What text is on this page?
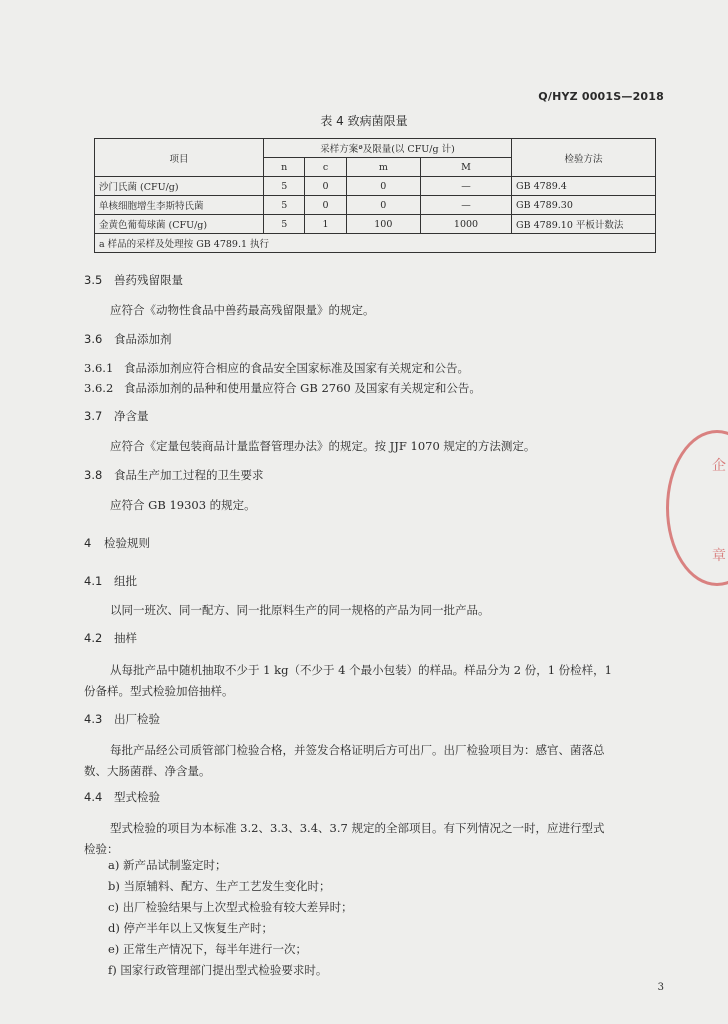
Q/HYZ 0001S—2018
表 4 致病菌限量
项目	采样方案ª及限量(以 CFU/g 计)				检验方法
	n	c	m	M	
沙门氏菌 (CFU/g)	5	0	0	—	GB 4789.4
单核细胞增生李斯特氏菌	5	0	0	—	GB 4789.30
金黄色葡萄球菌 (CFU/g)	5	1	100	1000	GB 4789.10 平板计数法
a 样品的采样及处理按 GB 4789.1 执行					
3.5 兽药残留限量
应符合《动物性食品中兽药最高残留限量》的规定。
3.6 食品添加剂
3.6.1 食品添加剂应符合相应的食品安全国家标准及国家有关规定和公告。
3.6.2 食品添加剂的品种和使用量应符合 GB 2760 及国家有关规定和公告。
3.7 净含量
应符合《定量包装商品计量监督管理办法》的规定。按 JJF 1070 规定的方法测定。
3.8 食品生产加工过程的卫生要求
应符合 GB 19303 的规定。
4 检验规则
4.1 组批
以同一班次、同一配方、同一批原料生产的同一规格的产品为同一批产品。
4.2 抽样
从每批产品中随机抽取不少于 1 kg（不少于 4 个最小包装）的样品。样品分为 2 份，1 份检样，1
份备样。型式检验加倍抽样。
4.3 出厂检验
每批产品经公司质管部门检验合格，并签发合格证明后方可出厂。出厂检验项目为：感官、菌落总
数、大肠菌群、净含量。
4.4 型式检验
型式检验的项目为本标准 3.2、3.3、3.4、3.7 规定的全部项目。有下列情况之一时，应进行型式
检验：
a) 新产品试制鉴定时；
b) 当原辅料、配方、生产工艺发生变化时；
c) 出厂检验结果与上次型式检验有较大差异时；
d) 停产半年以上又恢复生产时；
e) 正常生产情况下，每半年进行一次；
f) 国家行政管理部门提出型式检验要求时。
3
企
章
